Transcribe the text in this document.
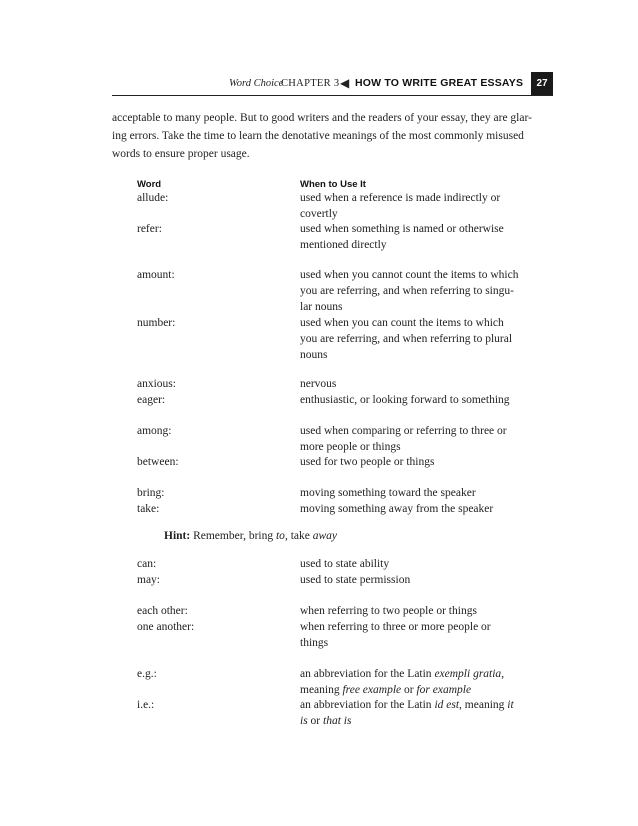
Word Choice
CHAPTER 3 ◀ HOW TO WRITE GREAT ESSAYS	27
acceptable to many people. But to good writers and the readers of your essay, they are glar-
ing errors. Take the time to learn the denotative meanings of the most commonly misused
words to ensure proper usage.
Word	When to Use It
allude:	used when a reference is made indirectly or
covertly
refer:	used when something is named or otherwise
mentioned directly
amount:	used when you cannot count the items to which
you are referring, and when referring to singu-
lar nouns
number:	used when you can count the items to which
you are referring, and when referring to plural
nouns
anxious:	nervous
eager:	enthusiastic, or looking forward to something
among:	used when comparing or referring to three or
more people or things
between:	used for two people or things
bring:	moving something toward the speaker
take:	moving something away from the speaker
Hint: Remember, bring to, take away
can:	used to state ability
may:	used to state permission
each other:	when referring to two people or things
one another:	when referring to three or more people or
things
e.g.:	an abbreviation for the Latin exempli gratia,
meaning free example or for example
i.e.:	an abbreviation for the Latin id est, meaning it
is or that is
